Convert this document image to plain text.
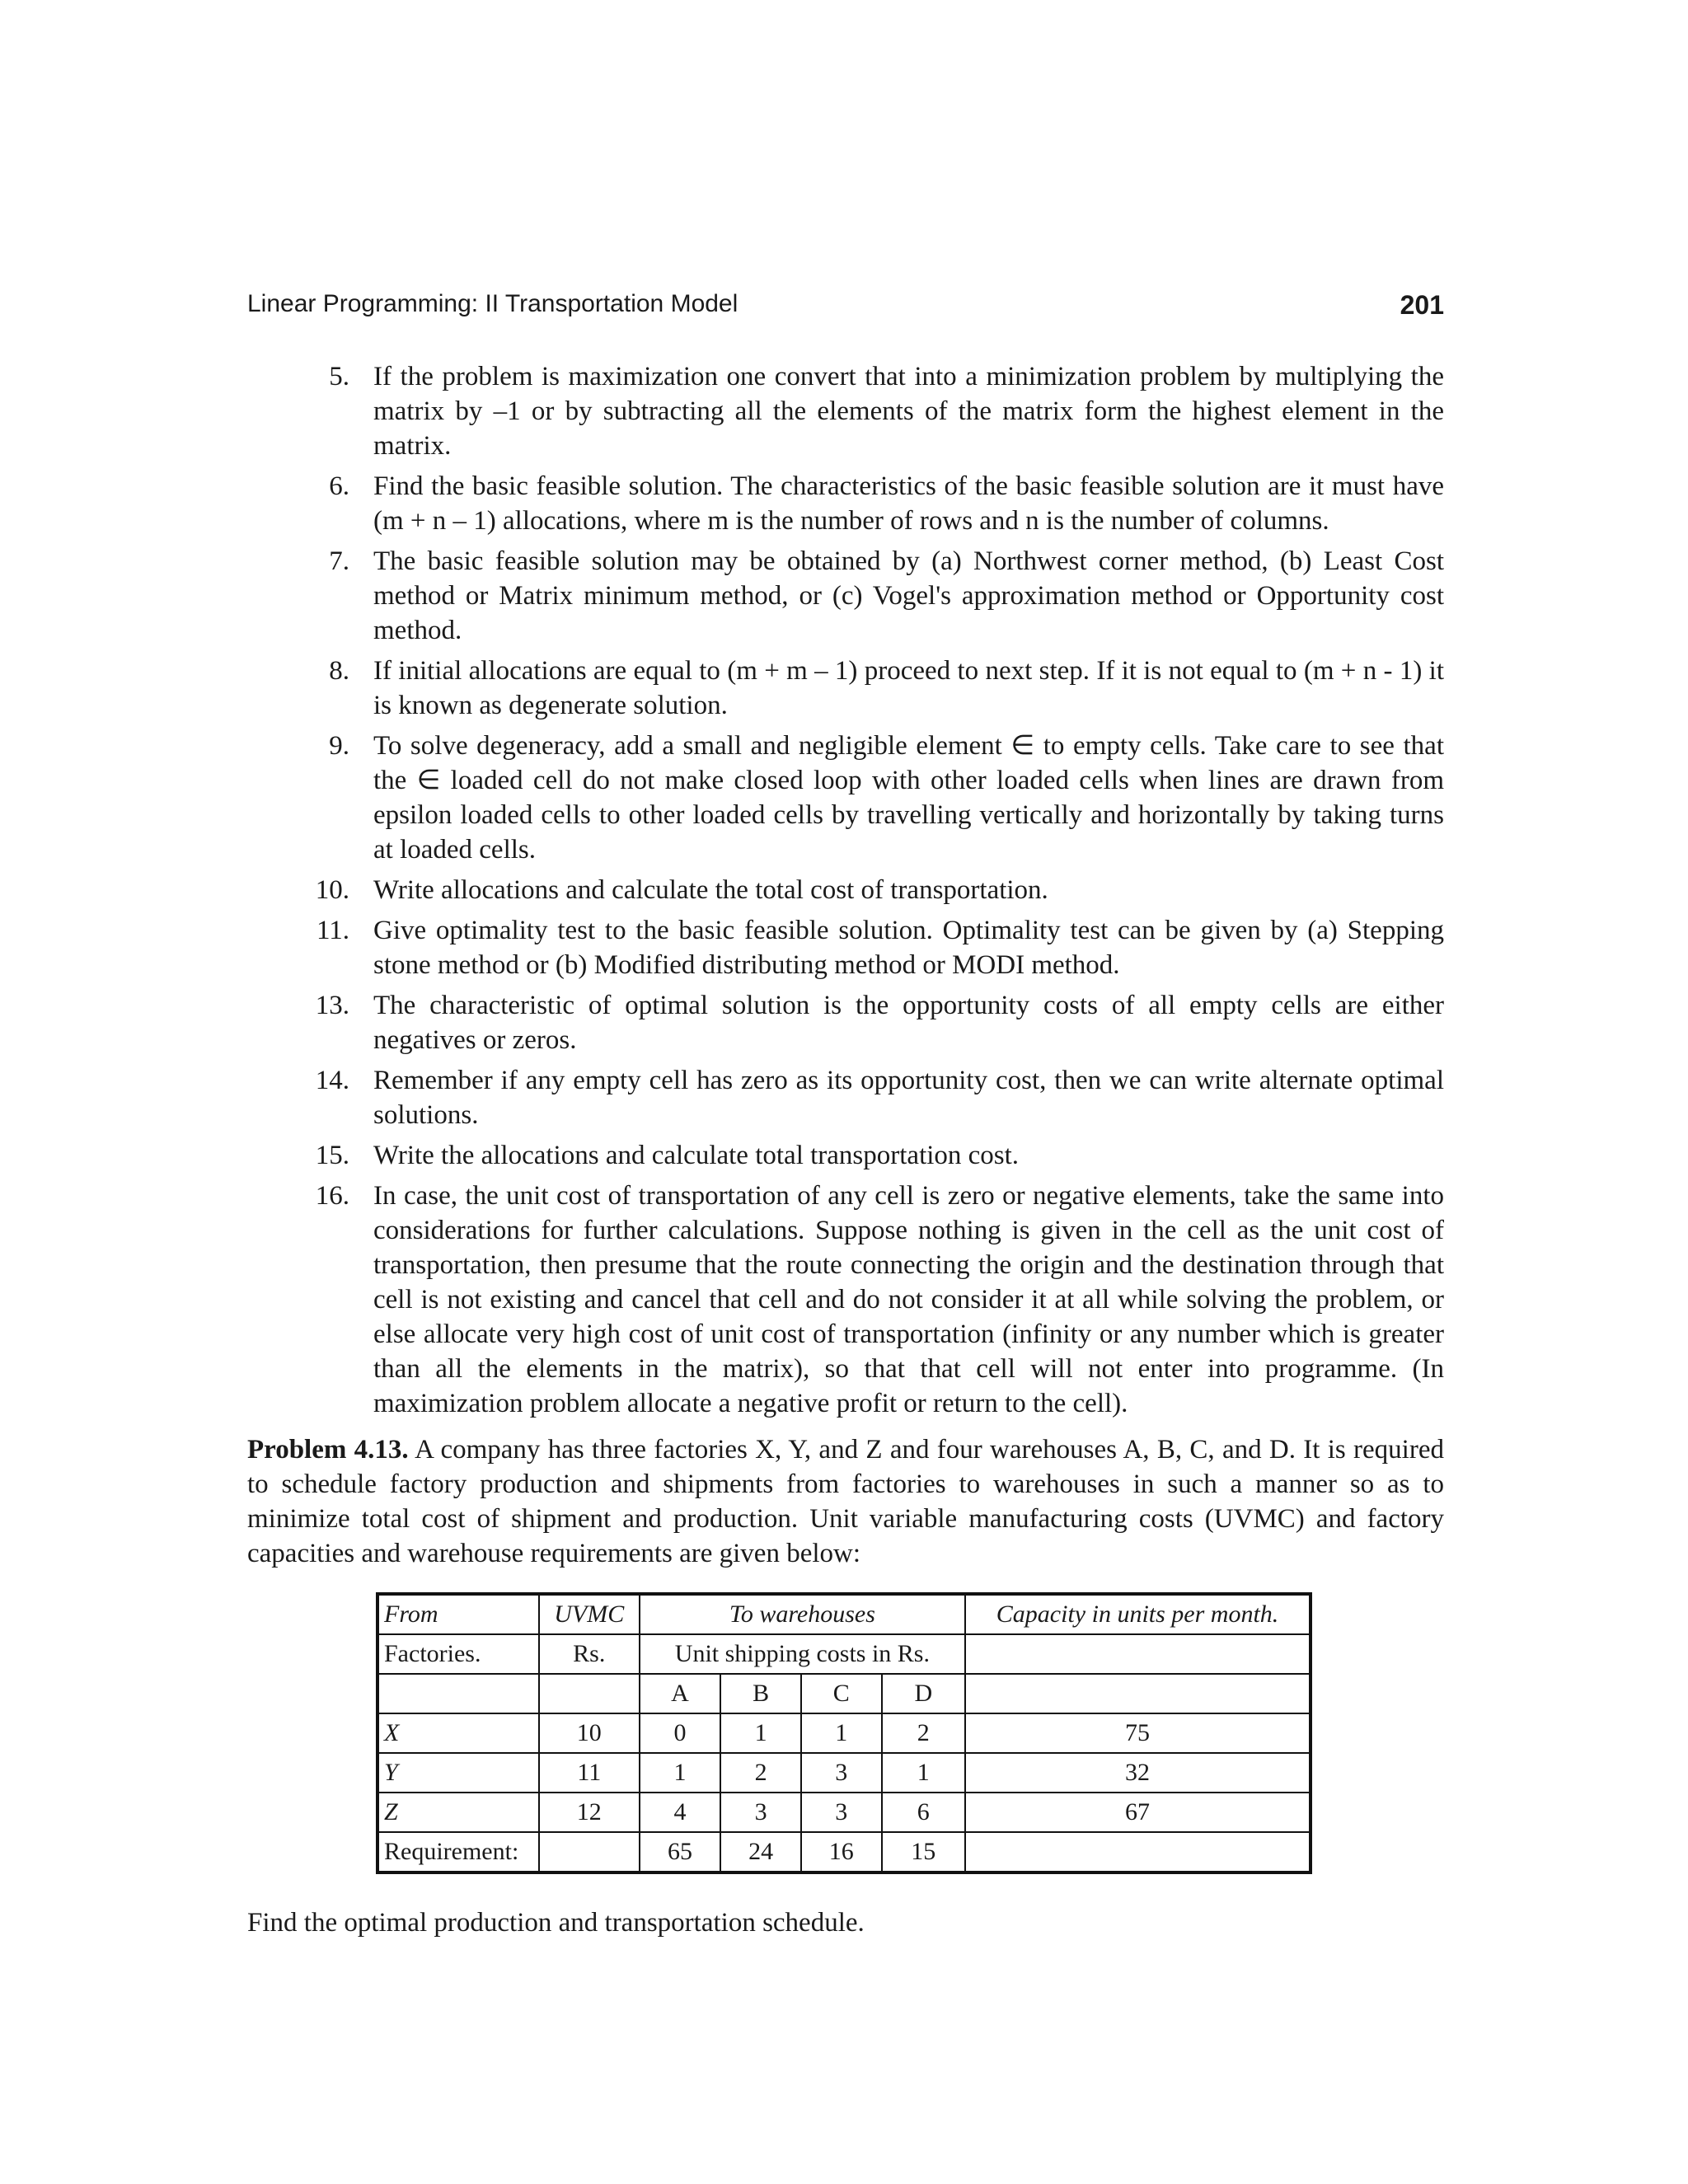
Linear Programming: II Transportation Model	201
5. If the problem is maximization one convert that into a minimization problem by multiplying the matrix by –1 or by subtracting all the elements of the matrix form the highest element in the matrix.
6. Find the basic feasible solution. The characteristics of the basic feasible solution are it must have (m + n – 1) allocations, where m is the number of rows and n is the number of columns.
7. The basic feasible solution may be obtained by (a) Northwest corner method, (b) Least Cost method or Matrix minimum method, or (c) Vogel's approximation method or Opportunity cost method.
8. If initial allocations are equal to (m + m – 1) proceed to next step. If it is not equal to (m + n - 1) it is known as degenerate solution.
9. To solve degeneracy, add a small and negligible element ∈ to empty cells. Take care to see that the ∈ loaded cell do not make closed loop with other loaded cells when lines are drawn from epsilon loaded cells to other loaded cells by travelling vertically and horizontally by taking turns at loaded cells.
10. Write allocations and calculate the total cost of transportation.
11. Give optimality test to the basic feasible solution. Optimality test can be given by (a) Stepping stone method or (b) Modified distributing method or MODI method.
13. The characteristic of optimal solution is the opportunity costs of all empty cells are either negatives or zeros.
14. Remember if any empty cell has zero as its opportunity cost, then we can write alternate optimal solutions.
15. Write the allocations and calculate total transportation cost.
16. In case, the unit cost of transportation of any cell is zero or negative elements, take the same into considerations for further calculations. Suppose nothing is given in the cell as the unit cost of transportation, then presume that the route connecting the origin and the destination through that cell is not existing and cancel that cell and do not consider it at all while solving the problem, or else allocate very high cost of unit cost of transportation (infinity or any number which is greater than all the elements in the matrix), so that that cell will not enter into programme. (In maximization problem allocate a negative profit or return to the cell).
Problem 4.13. A company has three factories X, Y, and Z and four warehouses A, B, C, and D. It is required to schedule factory production and shipments from factories to warehouses in such a manner so as to minimize total cost of shipment and production. Unit variable manufacturing costs (UVMC) and factory capacities and warehouse requirements are given below:
From	UVMC	To warehouses				Capacity in units per month.
Factories.	Rs.	Unit shipping costs in Rs.				
		A	B	C	D	
X	10	0	1	1	2	75
Y	11	1	2	3	1	32
Z	12	4	3	3	6	67
Requirement:		65	24	16	15	
Find the optimal production and transportation schedule.
